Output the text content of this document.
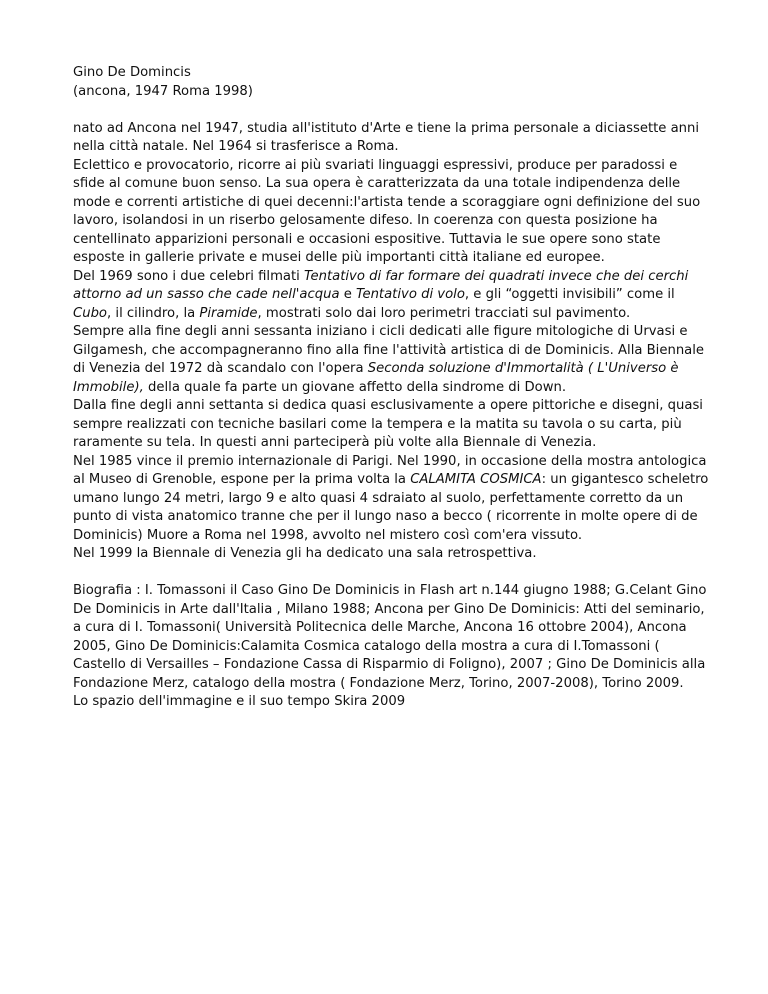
Gino De Domincis

(ancona, 1947 Roma 1998)

nato ad Ancona nel 1947, studia all'istituto d'Arte e tiene la prima personale a diciassette anni nella città natale. Nel 1964 si trasferisce a Roma.

Eclettico e provocatorio, ricorre ai più svariati linguaggi espressivi, produce per paradossi e sfide al comune buon senso. La sua opera è caratterizzata da una totale indipendenza delle mode e correnti artistiche di quei decenni:l'artista tende a scoraggiare ogni definizione del suo lavoro, isolandosi in un riserbo gelosamente difeso. In coerenza con questa posizione ha centellinato apparizioni personali e occasioni espositive. Tuttavia le sue opere sono state esposte in gallerie private e musei delle più importanti città italiane ed europee.

Del 1969 sono i due celebri filmati Tentativo di far formare dei quadrati invece che dei cerchi attorno ad un sasso che cade nell'acqua e Tentativo di volo, e gli “oggetti invisibili” come il Cubo, il cilindro, la Piramide, mostrati solo dai loro perimetri tracciati sul pavimento.

Sempre alla fine degli anni sessanta iniziano i cicli dedicati alle figure mitologiche di Urvasi e Gilgamesh, che accompagneranno fino alla fine l'attività artistica di de Dominicis. Alla Biennale di Venezia del 1972 dà scandalo con l'opera Seconda soluzione d'Immortalità ( L'Universo è Immobile), della quale fa parte un giovane affetto della sindrome di Down.

Dalla fine degli anni settanta si dedica quasi esclusivamente a opere pittoriche e disegni, quasi sempre realizzati con tecniche basilari come la tempera e la matita su tavola o su carta, più raramente su tela. In questi anni parteciperà più volte alla Biennale di Venezia.

Nel 1985 vince il premio internazionale di Parigi. Nel 1990, in occasione della mostra antologica al Museo di Grenoble, espone per la prima volta la CALAMITA COSMICA: un gigantesco scheletro umano lungo 24 metri, largo 9 e alto quasi 4 sdraiato al suolo, perfettamente corretto da un punto di vista anatomico tranne che per il lungo naso a becco ( ricorrente in molte opere di de Dominicis) Muore a Roma nel 1998, avvolto nel mistero così com'era vissuto.

Nel 1999 la Biennale di Venezia gli ha dedicato una sala retrospettiva.

Biografia : I. Tomassoni il Caso Gino De Dominicis in Flash art n.144 giugno 1988; G.Celant Gino De Dominicis in Arte dall'Italia , Milano 1988; Ancona per Gino De Dominicis: Atti del seminario, a cura di I. Tomassoni( Università Politecnica delle Marche, Ancona 16 ottobre 2004), Ancona 2005, Gino De Dominicis:Calamita Cosmica catalogo della mostra a cura di I.Tomassoni ( Castello di Versailles – Fondazione Cassa di Risparmio di Foligno), 2007 ; Gino De Dominicis alla Fondazione Merz, catalogo della mostra ( Fondazione Merz, Torino, 2007-2008), Torino 2009.

Lo spazio dell'immagine e il suo tempo Skira 2009
